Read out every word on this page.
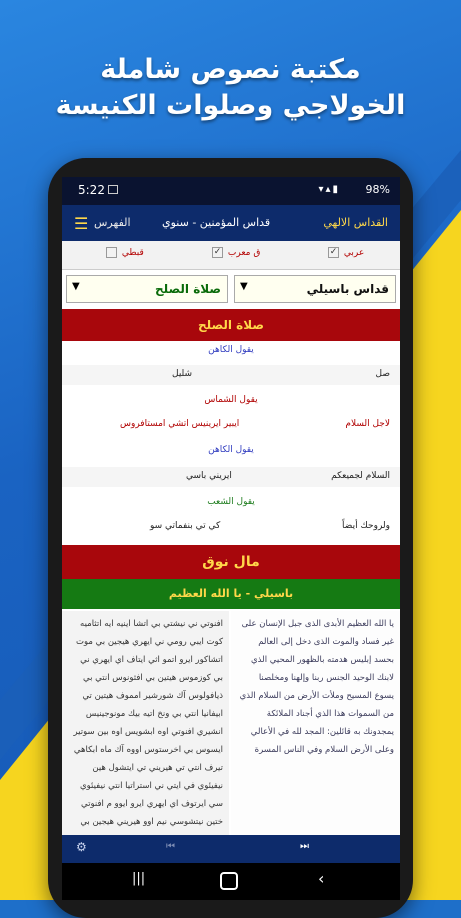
مكتبة نصوص شاملة
الخولاجي وصلوات الكنيسة
5:22	▾▴▮ 98%
☰ الفهرس	قداس المؤمنين - سنوي	القداس الالهي
قبطي	✓ ق معرب	✓ عربي
▼	صلاة الصلح ▼	قداس باسيلي
صلاة الصلح
يقول الكاهن
صل
شليل
يقول الشماس
لاجل السلام
ايبير ايرينيس اتشي امستافروس
يقول الكاهن
السلام لجميعكم
ايريني باسي
يقول الشعب
ولروحك أيضاً
كي تي بنفماتي سو
مال نوق
باسيلي - يا الله العظيم
افنوتي ني نيشتي بي اتشا اينيه ايه اتثاميه كوت ايبي رومي ني ايهري هيجين بي موت اتشاكور ايرو اتمو اثي ايتاف اي ايهري ني بي كوزموس هيتين بي افثونوس انتي بي ذيافولوس آك شورشير امموف هيتين تي ابيفانيا انتي بي ونخ اتيه بيك مونوجينيس انشيري افنوتي اوه ابشويس اوه بين سوتير ايسوس بي اخرستوس اووه آك ماه ابكاهي تيرف انتي تي هيريني تي ايتشول هين نيفيئوي في ايتي ني استراتيا انتي نيفيئوي سي ايرتوف اي ايهري ايرو ايوو م افنوتي ختين نيتشوسي نيم اوو هيريني هيجين بي
يا الله العظيم الأبدى الذى جبل الإنسان على غير فساد والموت الذى دخل إلى العالم بحسد إبليس هدمته بالظهور المحيي الذي لابنك الوحيد الجنس ربنا وإلهنا ومخلصنا يسوع المسيح وملأت الأرض من السلام الذي من السموات هذا الذي أجناد الملائكة يمجدونك به قائلين: المجد لله في الأعالي وعلى الأرض السلام وفي الناس المسرة
⚙	⏮	⏭
|||	‹
